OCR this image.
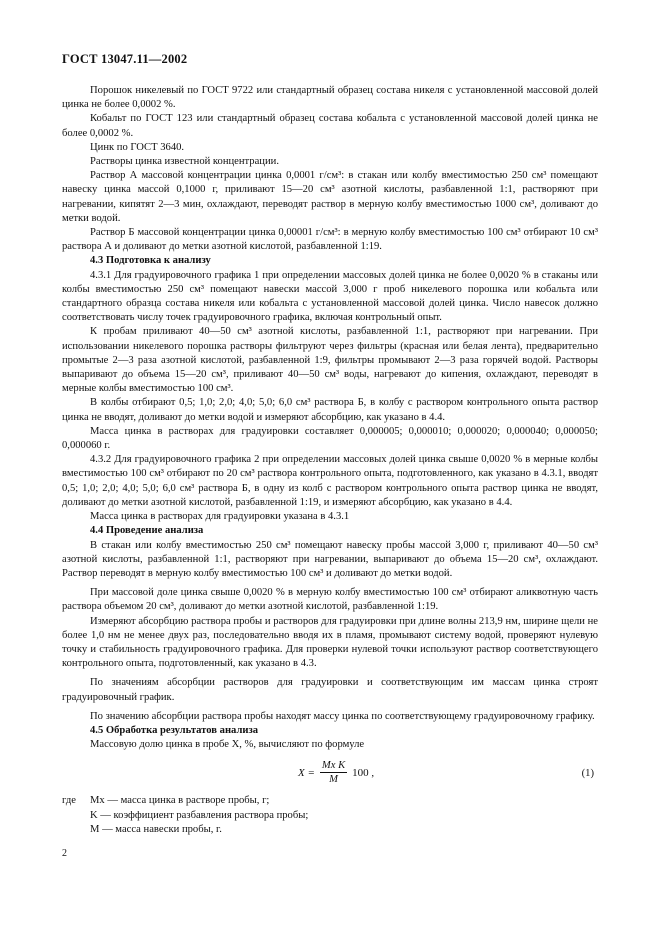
ГОСТ 13047.11—2002

Порошок никелевый по ГОСТ 9722 или стандартный образец состава никеля с установленной массовой долей цинка не более 0,0002 %.

Кобальт по ГОСТ 123 или стандартный образец состава кобальта с установленной массовой долей цинка не более 0,0002 %.

Цинк по ГОСТ 3640.

Растворы цинка известной концентрации.

Раствор А массовой концентрации цинка 0,0001 г/см³: в стакан или колбу вместимостью 250 см³ помещают навеску цинка массой 0,1000 г, приливают 15—20 см³ азотной кислоты, разбавленной 1:1, растворяют при нагревании, кипятят 2—3 мин, охлаждают, переводят раствор в мерную колбу вместимостью 1000 см³, доливают до метки водой.

Раствор Б массовой концентрации цинка 0,00001 г/см³: в мерную колбу вместимостью 100 см³ отбирают 10 см³ раствора А и доливают до метки азотной кислотой, разбавленной 1:19.

4.3 Подготовка к анализу

4.3.1 Для градуировочного графика 1 при определении массовых долей цинка не более 0,0020 % в стаканы или колбы вместимостью 250 см³ помещают навески массой 3,000 г проб никелевого порошка или кобальта или стандартного образца состава никеля или кобальта с установленной массовой долей цинка. Число навесок должно соответствовать числу точек градуировочного графика, включая контрольный опыт.

К пробам приливают 40—50 см³ азотной кислоты, разбавленной 1:1, растворяют при нагревании. При использовании никелевого порошка растворы фильтруют через фильтры (красная или белая лента), предварительно промытые 2—3 раза азотной кислотой, разбавленной 1:9, фильтры промывают 2—3 раза горячей водой. Растворы выпаривают до объема 15—20 см³, приливают 40—50 см³ воды, нагревают до кипения, охлаждают, переводят в мерные колбы вместимостью 100 см³.

В колбы отбирают 0,5; 1,0; 2,0; 4,0; 5,0; 6,0 см³ раствора Б, в колбу с раствором контрольного опыта раствор цинка не вводят, доливают до метки водой и измеряют абсорбцию, как указано в 4.4.

Масса цинка в растворах для градуировки составляет 0,000005; 0,000010; 0,000020; 0,000040; 0,000050; 0,000060 г.

4.3.2 Для градуировочного графика 2 при определении массовых долей цинка свыше 0,0020 % в мерные колбы вместимостью 100 см³ отбирают по 20 см³ раствора контрольного опыта, подготовленного, как указано в 4.3.1, вводят 0,5; 1,0; 2,0; 4,0; 5,0; 6,0 см³ раствора Б, в одну из колб с раствором контрольного опыта раствор цинка не вводят, доливают до метки азотной кислотой, разбавленной 1:19, и измеряют абсорбцию, как указано в 4.4.

Масса цинка в растворах для градуировки указана в 4.3.1

4.4 Проведение анализа

В стакан или колбу вместимостью 250 см³ помещают навеску пробы массой 3,000 г, приливают 40—50 см³ азотной кислоты, разбавленной 1:1, растворяют при нагревании, выпаривают до объема 15—20 см³, охлаждают. Раствор переводят в мерную колбу вместимостью 100 см³ и доливают до метки водой.

При массовой доле цинка свыше 0,0020 % в мерную колбу вместимостью 100 см³ отбирают аликвотную часть раствора объемом 20 см³, доливают до метки азотной кислотой, разбавленной 1:19.

Измеряют абсорбцию раствора пробы и растворов для градуировки при длине волны 213,9 нм, ширине щели не более 1,0 нм не менее двух раз, последовательно вводя их в пламя, промывают систему водой, проверяют нулевую точку и стабильность градуировочного графика. Для проверки нулевой точки используют раствор соответствующего контрольного опыта, подготовленный, как указано в 4.3.

По значениям абсорбции растворов для градуировки и соответствующим им массам цинка строят градуировочный график.

По значению абсорбции раствора пробы находят массу цинка по соответствующему градуировочному графику.

4.5 Обработка результатов анализа

Массовую долю цинка в пробе X, %, вычисляют по формуле

$X = \frac{\text{Mx K}}{M} 100$ ,	(1)
где	Mx — масса цинка в растворе пробы, г;
K — коэффициент разбавления раствора пробы;
M — масса навески пробы, г.
2
